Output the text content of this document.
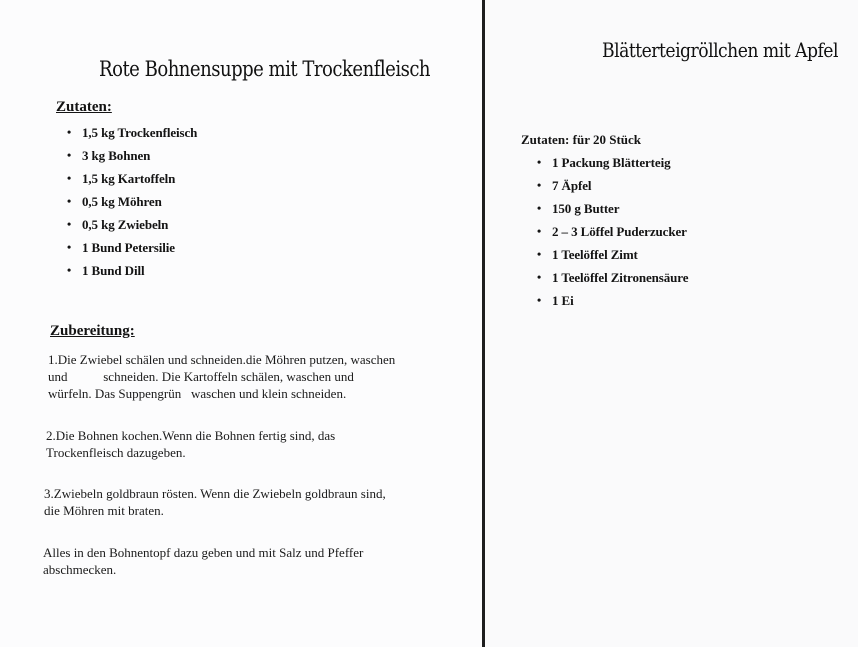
Rote Bohnensuppe mit Trockenfleisch
Zutaten:
• 1,5 kg Trockenfleisch
• 3 kg Bohnen
• 1,5 kg Kartoffeln
• 0,5 kg Möhren
• 0,5 kg Zwiebeln
• 1 Bund Petersilie
• 1 Bund Dill
Zubereitung:
1.Die Zwiebel schälen und schneiden.die Möhren putzen, waschen
und           schneiden. Die Kartoffeln schälen, waschen und
würfeln. Das Suppengrün   waschen und klein schneiden.
2.Die Bohnen kochen.Wenn die Bohnen fertig sind, das
Trockenfleisch dazugeben.
3.Zwiebeln goldbraun rösten. Wenn die Zwiebeln goldbraun sind,
die Möhren mit braten.
Alles in den Bohnentopf dazu geben und mit Salz und Pfeffer
abschmecken.
Blätterteigröllchen mit Apfel
Zutaten: für 20 Stück
• 1 Packung Blätterteig
• 7 Äpfel
• 150 g Butter
• 2 – 3 Löffel Puderzucker
• 1 Teelöffel Zimt
• 1 Teelöffel Zitronensäure
• 1 Ei
